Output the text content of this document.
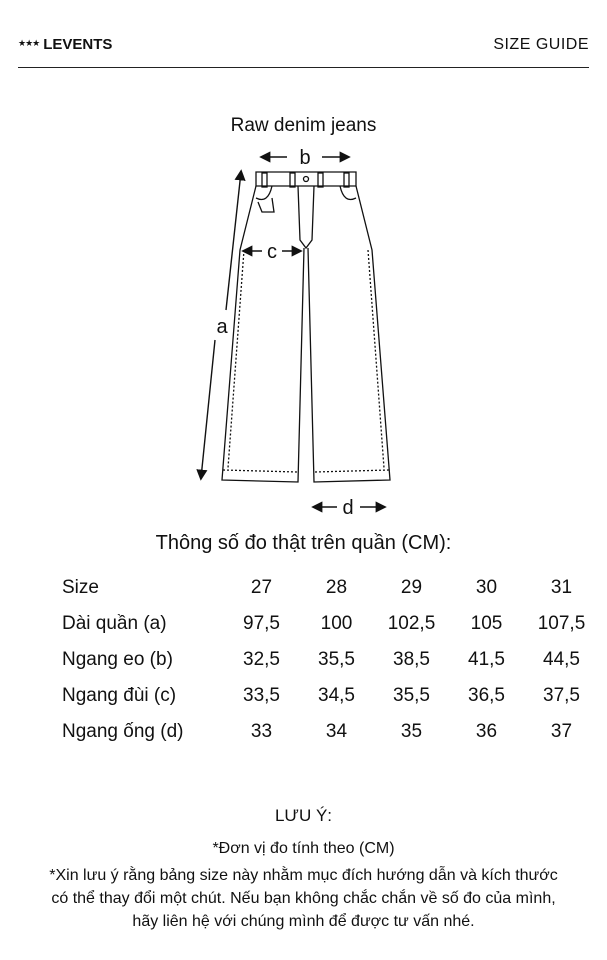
★★★ LEVENTS	SIZE GUIDE
Raw denim jeans
b
c
a
d
Thông số đo thật trên quần (CM):
Size	27	28	29	30	31
Dài quần (a)	97,5	100	102,5	105	107,5
Ngang eo (b)	32,5	35,5	38,5	41,5	44,5
Ngang đùi (c)	33,5	34,5	35,5	36,5	37,5
Ngang ống (d)	33	34	35	36	37
LƯU Ý:
*Đơn vị đo tính theo (CM)
*Xin lưu ý rằng bảng size này nhằm mục đích hướng dẫn và kích thước có thể thay đổi một chút. Nếu bạn không chắc chắn về số đo của mình, hãy liên hệ với chúng mình để được tư vấn nhé.
